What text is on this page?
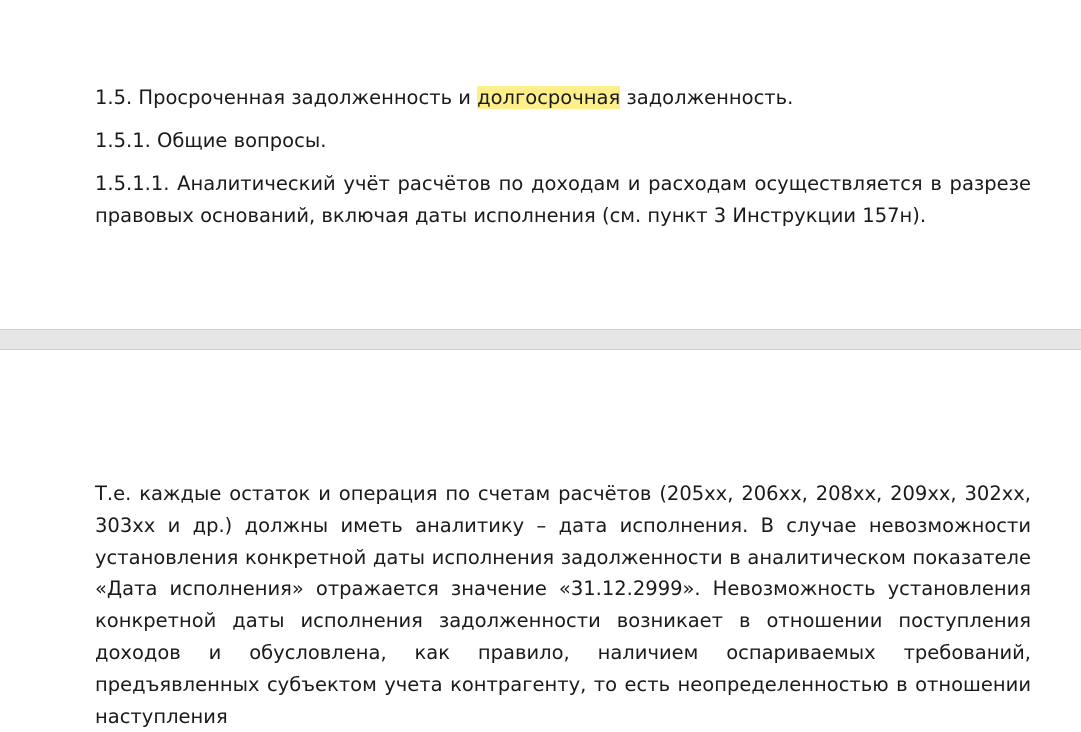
1.5. Просроченная задолженность и долгосрочная задолженность.

1.5.1. Общие вопросы.

1.5.1.1. Аналитический учёт расчётов по доходам и расходам осуществляется в разрезе правовых оснований, включая даты исполнения (см. пункт 3 Инструкции 157н).

Т.е. каждые остаток и операция по счетам расчётов (205хх, 206хх, 208хх, 209хх, 302хх, 303хх и др.) должны иметь аналитику – дата исполнения. В случае невозможности установления конкретной даты исполнения задолженности в аналитическом показателе «Дата исполнения» отражается значение «31.12.2999». Невозможность установления конкретной даты исполнения задолженности возникает в отношении поступления доходов и обусловлена, как правило, наличием оспариваемых требований, предъявленных субъектом учета контрагенту, то есть неопределенностью в отношении наступления
